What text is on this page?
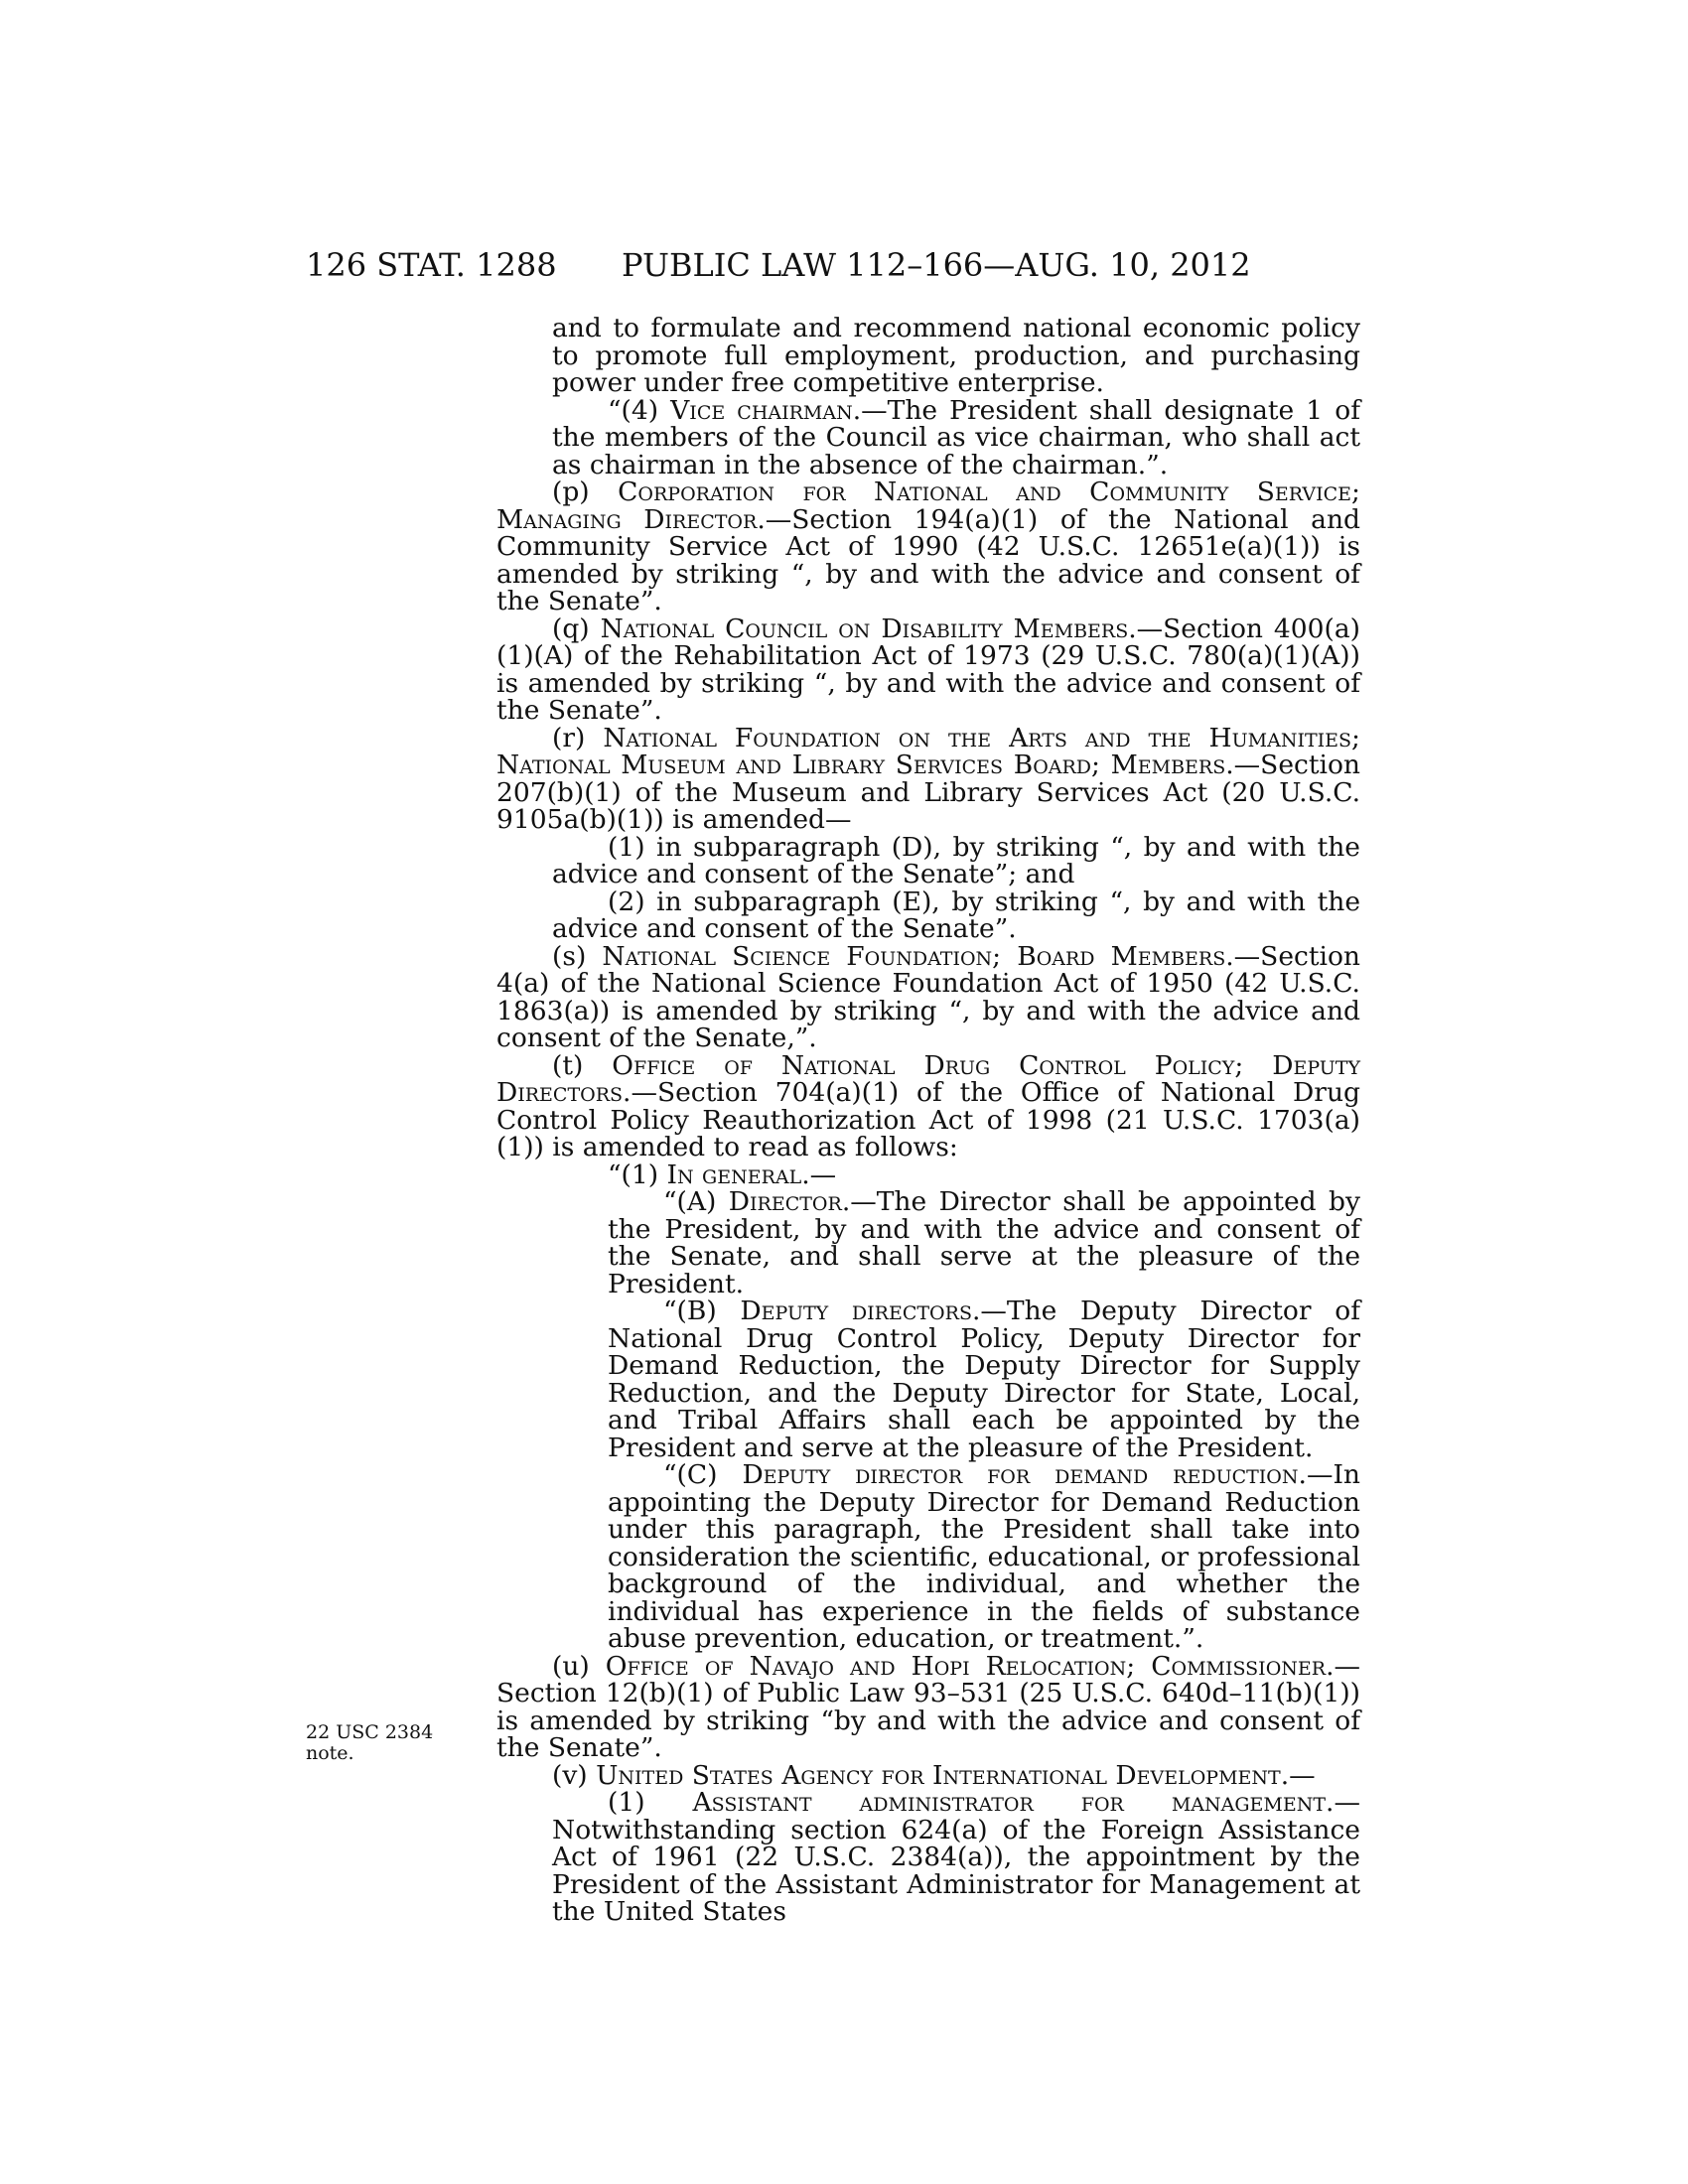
126 STAT. 1288 PUBLIC LAW 112–166—AUG. 10, 2012
22 USC 2384
note.

and to formulate and recommend national economic policy to promote full employment, production, and purchasing power under free competitive enterprise.

“(4) Vice chairman.—The President shall designate 1 of the members of the Council as vice chairman, who shall act as chairman in the absence of the chairman.”.

(p) Corporation for National and Community Service; Managing Director.—Section 194(a)(1) of the National and Community Service Act of 1990 (42 U.S.C. 12651e(a)(1)) is amended by striking “, by and with the advice and consent of the Senate”.

(q) National Council on Disability Members.—Section 400(a)(1)(A) of the Rehabilitation Act of 1973 (29 U.S.C. 780(a)(1)(A)) is amended by striking “, by and with the advice and consent of the Senate”.

(r) National Foundation on the Arts and the Humanities; National Museum and Library Services Board; Members.—Section 207(b)(1) of the Museum and Library Services Act (20 U.S.C. 9105a(b)(1)) is amended—

(1) in subparagraph (D), by striking “, by and with the advice and consent of the Senate”; and

(2) in subparagraph (E), by striking “, by and with the advice and consent of the Senate”.

(s) National Science Foundation; Board Members.—Section 4(a) of the National Science Foundation Act of 1950 (42 U.S.C. 1863(a)) is amended by striking “, by and with the advice and consent of the Senate,”.

(t) Office of National Drug Control Policy; Deputy Directors.—Section 704(a)(1) of the Office of National Drug Control Policy Reauthorization Act of 1998 (21 U.S.C. 1703(a)(1)) is amended to read as follows:

“(1) In general.—

“(A) Director.—The Director shall be appointed by the President, by and with the advice and consent of the Senate, and shall serve at the pleasure of the President.

“(B) Deputy directors.—The Deputy Director of National Drug Control Policy, Deputy Director for Demand Reduction, the Deputy Director for Supply Reduction, and the Deputy Director for State, Local, and Tribal Affairs shall each be appointed by the President and serve at the pleasure of the President.

“(C) Deputy director for demand reduction.—In appointing the Deputy Director for Demand Reduction under this paragraph, the President shall take into consideration the scientific, educational, or professional background of the individual, and whether the individual has experience in the fields of substance abuse prevention, education, or treatment.”.

(u) Office of Navajo and Hopi Relocation; Commissioner.—Section 12(b)(1) of Public Law 93–531 (25 U.S.C. 640d–11(b)(1)) is amended by striking “by and with the advice and consent of the Senate”.

(v) United States Agency for International Development.—

(1) Assistant administrator for management.—Notwithstanding section 624(a) of the Foreign Assistance Act of 1961 (22 U.S.C. 2384(a)), the appointment by the President of the Assistant Administrator for Management at the United States
